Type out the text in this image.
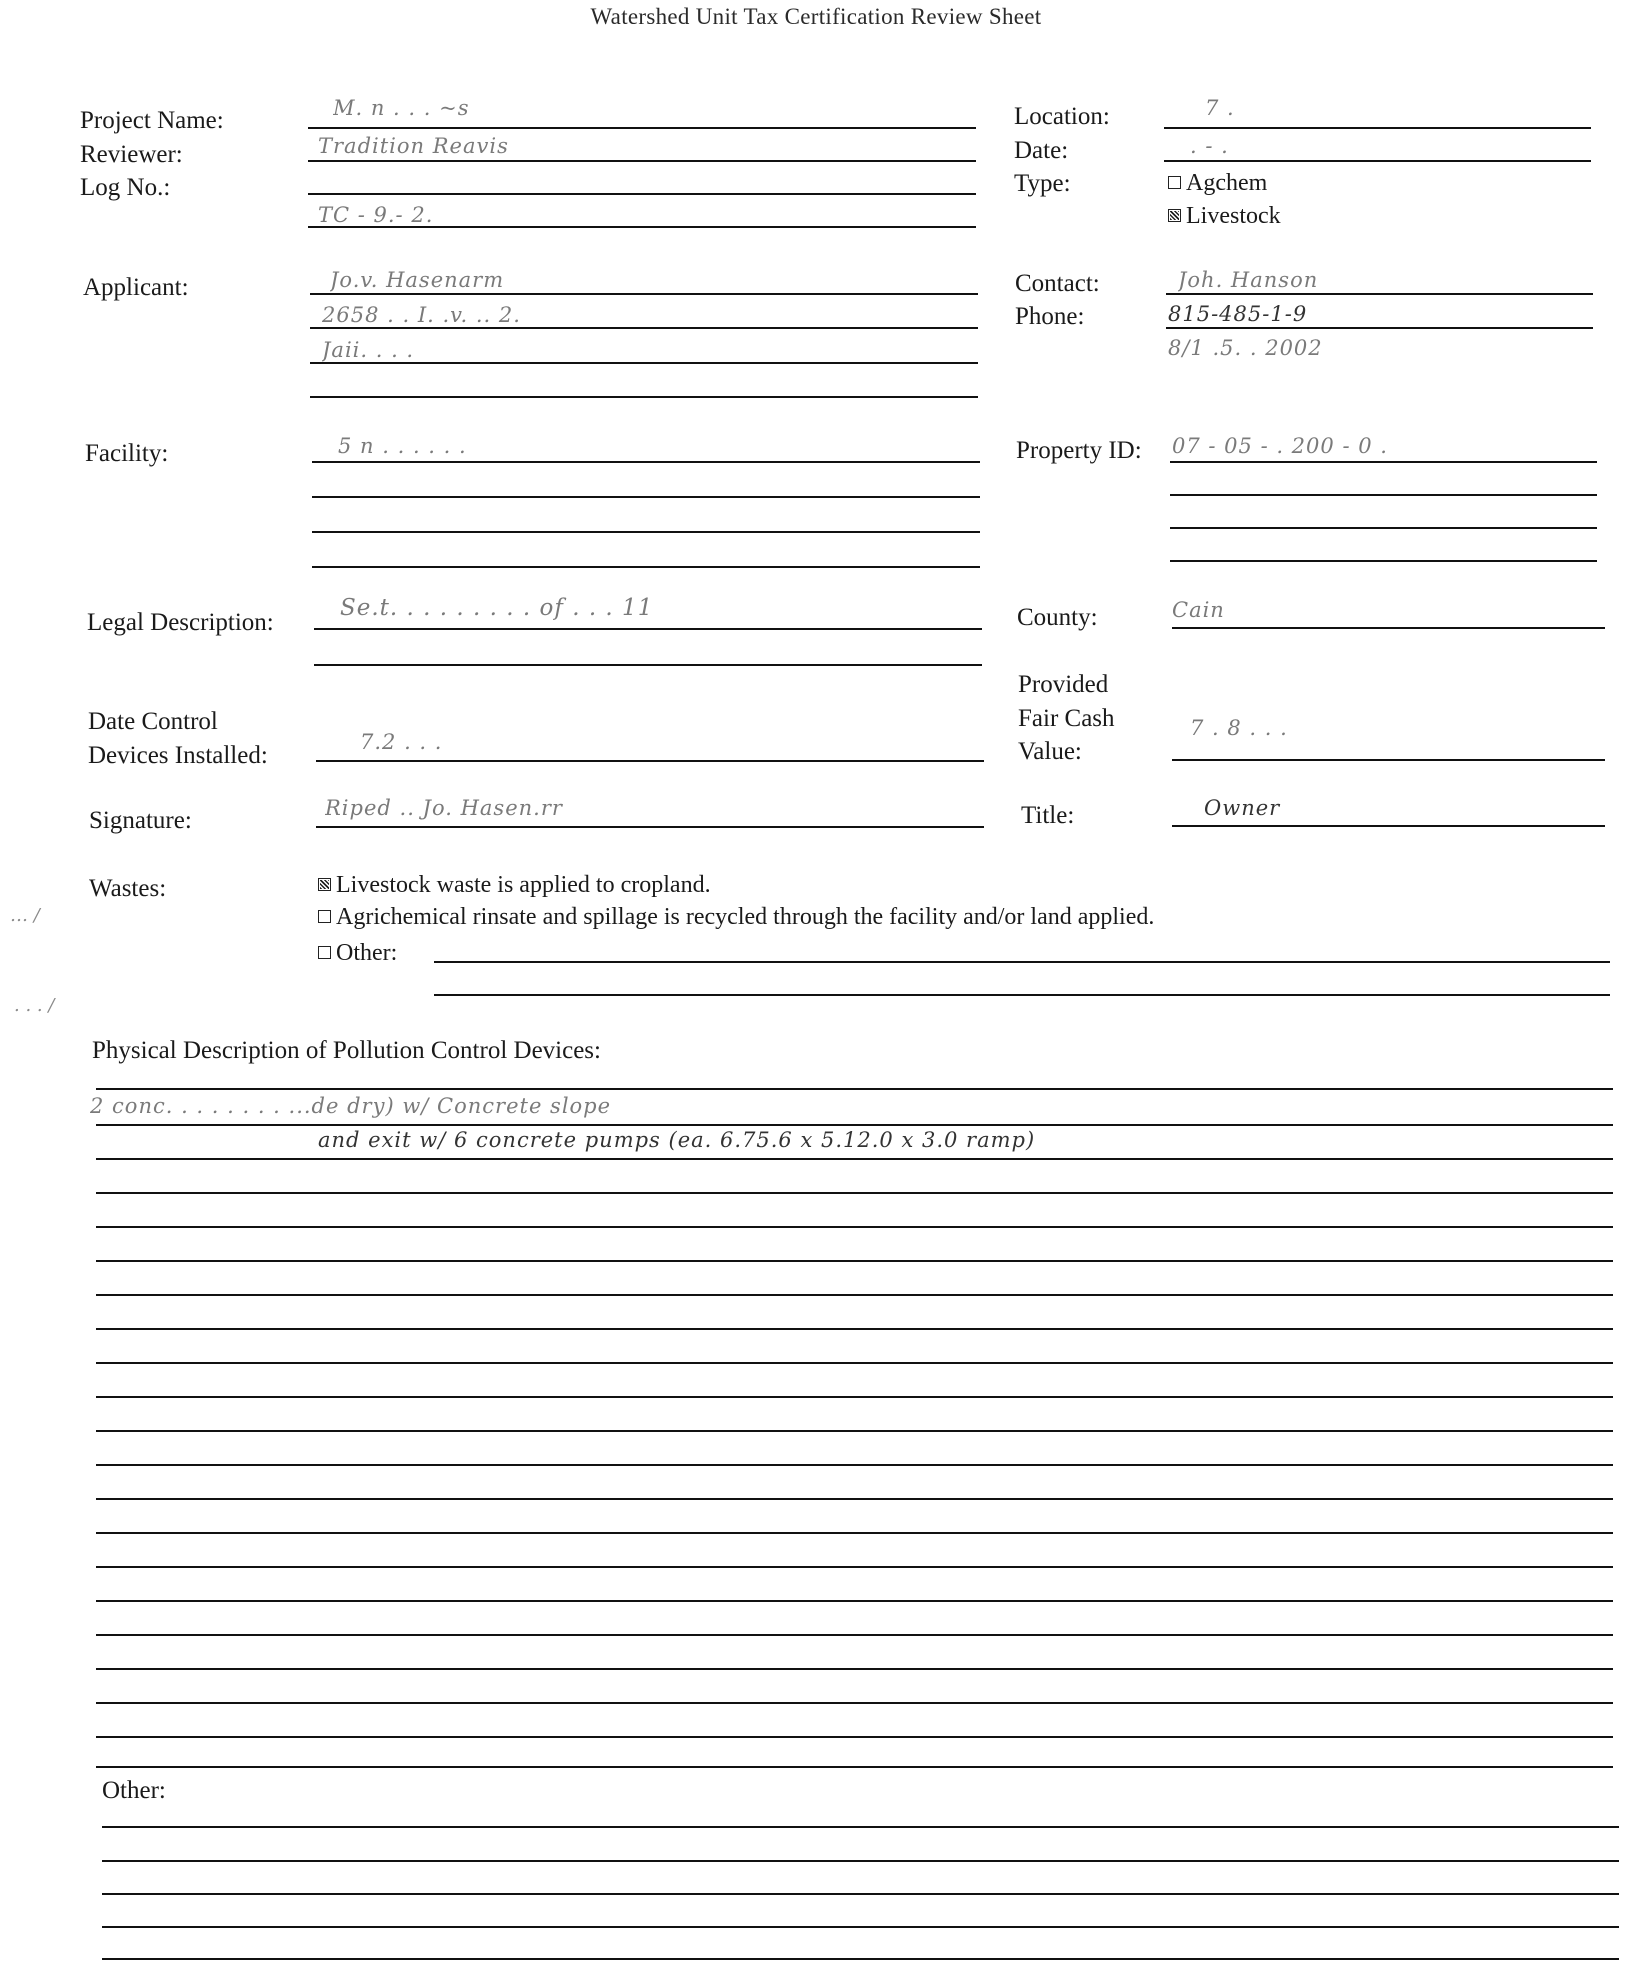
Watershed Unit Tax Certification Review Sheet
Project Name:
Reviewer:
Log No.:
Applicant:
Facility:
Legal Description:
Date Control
Devices Installed:
Signature:
M. n . . . ~s
Tradition Reavis
TC - 9.- 2.
Jo.v. Hasenarm
2658 . . I. .v. .. 2.
Jaii. . . .
5 n . . . . . .
Se.t. . . . . . . . . of . . . 11
7.2 . . .
Riped .. Jo. Hasen.rr
Location:
Date:
Type:	Agchem
Livestock
Contact:
Phone:
Property ID:
County:
Provided
Fair Cash
Value:
Title:
7 .
. - .
Joh. Hanson
815-485-1-9
8/1 .5. . 2002
07 - 05 - . 200 - 0 .
Cain
7 . 8 . . .
Owner
Wastes:	Livestock waste is applied to cropland.
Agrichemical rinsate and spillage is recycled through the facility and/or land applied.
Other:
… /
. . . /
Physical Description of Pollution Control Devices:
2 conc. . . . . . . . ...de dry) w/ Concrete slope
and exit w/ 6 concrete pumps (ea. 6.75.6 x 5.12.0 x 3.0 ramp)
Other:
